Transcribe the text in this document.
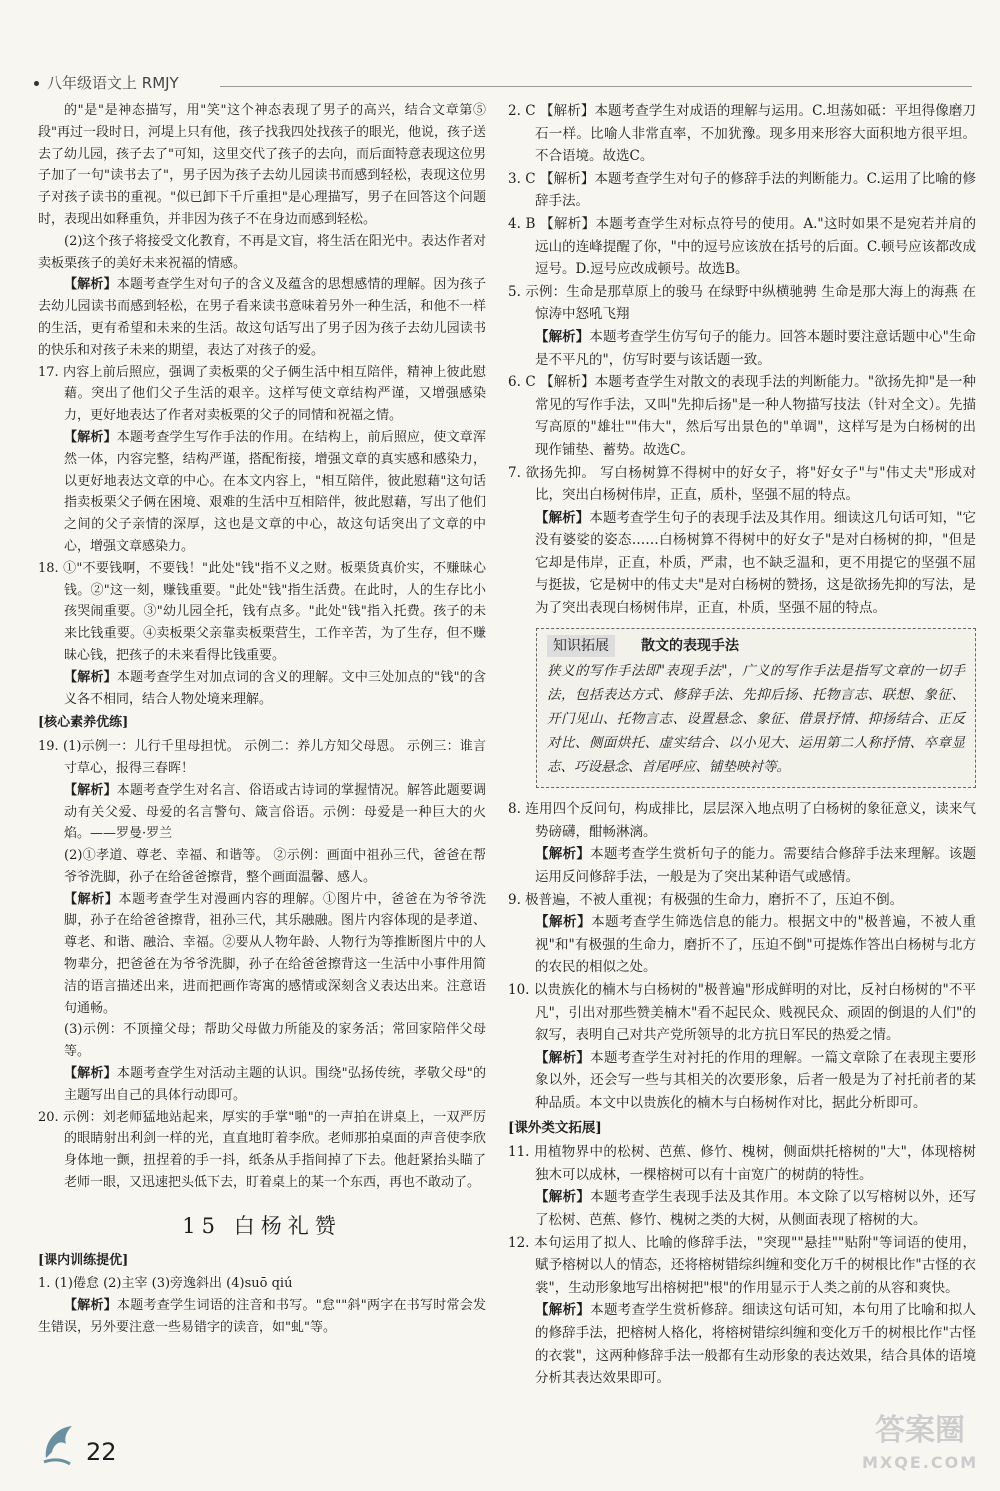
八年级语文上 RMJY
的"是"是神态描写，用"笑"这个神态表现了男子的高兴，结合文章第⑤段"再过一段时日，河堤上只有他，孩子找我四处找孩子的眼光，他说，孩子送去了幼儿园，孩子去了"可知，这里交代了孩子的去向，而后面特意表现这位男子加了一句"读书去了"，男子因为孩子去幼儿园读书而感到轻松，表现这位男子对孩子读书的重视。"似已卸下千斤重担"是心理描写，男子在回答这个问题时，表现出如释重负，并非因为孩子不在身边而感到轻松。
(2)这个孩子将接受文化教育，不再是文盲，将生活在阳光中。表达作者对卖板栗孩子的美好未来祝福的情感。
【解析】本题考查学生对句子的含义及蕴含的思想感情的理解。因为孩子去幼儿园读书而感到轻松，在男子看来读书意味着另外一种生活，和他不一样的生活，更有希望和未来的生活。故这句话写出了男子因为孩子去幼儿园读书的快乐和对孩子未来的期望，表达了对孩子的爱。
17. 内容上前后照应，强调了卖板栗的父子俩生活中相互陪伴，精神上彼此慰藉。突出了他们父子生活的艰辛。这样写使文章结构严谨，又增强感染力，更好地表达了作者对卖板栗的父子的同情和祝福之情。
【解析】本题考查学生写作手法的作用。在结构上，前后照应，使文章浑然一体，内容完整，结构严谨，搭配衔接，增强文章的真实感和感染力，以更好地表达文章的中心。在本文内容上，"相互陪伴，彼此慰藉"这句话指卖板栗父子俩在困境、艰难的生活中互相陪伴，彼此慰藉，写出了他们之间的父子亲情的深厚，这也是文章的中心，故这句话突出了文章的中心，增强文章感染力。
18. ①"不要钱啊，不要钱！"此处"钱"指不义之财。板栗货真价实，不赚昧心钱。②"这一刻，赚钱重要。"此处"钱"指生活费。在此时，人的生存比小孩哭闹重要。③"幼儿园全托，钱有点多。"此处"钱"指入托费。孩子的未来比钱重要。④卖板栗父亲靠卖板栗营生，工作辛苦，为了生存，但不赚昧心钱，把孩子的未来看得比钱重要。
【解析】本题考查学生对加点词的含义的理解。文中三处加点的"钱"的含义各不相同，结合人物处境来理解。
[核心素养优练]
19. (1)示例一：儿行千里母担忧。 示例二：养儿方知父母恩。 示例三：谁言寸草心，报得三春晖！
【解析】本题考查学生对名言、俗语或古诗词的掌握情况。解答此题要调动有关父爱、母爱的名言警句、箴言俗语。示例：母爱是一种巨大的火焰。——罗曼·罗兰
(2)①孝道、尊老、幸福、和谐等。 ②示例：画面中祖孙三代，爸爸在帮爷爷洗脚，孙子在给爸爸擦背，整个画面温馨、感人。
【解析】本题考查学生对漫画内容的理解。①图片中，爸爸在为爷爷洗脚，孙子在给爸爸擦背，祖孙三代，其乐融融。图片内容体现的是孝道、尊老、和谐、融洽、幸福。②要从人物年龄、人物行为等推断图片中的人物辈分，把爸爸在为爷爷洗脚，孙子在给爸爸擦背这一生活中小事件用简洁的语言描述出来，进而把画作寄寓的感情或深刻含义表达出来。注意语句通畅。
(3)示例：不顶撞父母；帮助父母做力所能及的家务活；常回家陪伴父母等。
【解析】本题考查学生对活动主题的认识。围绕"弘扬传统，孝敬父母"的主题写出自己的具体行动即可。
20. 示例：刘老师猛地站起来，厚实的手掌"啪"的一声拍在讲桌上，一双严厉的眼睛射出利剑一样的光，直直地盯着李欣。老师那拍桌面的声音使李欣身体地一颤，扭捏着的手一抖，纸条从手指间掉了下去。他赶紧抬头瞄了老师一眼，又迅速把头低下去，盯着桌上的某一个东西，再也不敢动了。
15 白杨礼赞
[课内训练提优]
1. (1)倦怠 (2)主宰 (3)旁逸斜出 (4)suō qiú
【解析】本题考查学生词语的注音和书写。"怠""斜"两字在书写时常会发生错误，另外要注意一些易错字的读音，如"虬"等。
2. C 【解析】本题考查学生对成语的理解与运用。C.坦荡如砥：平坦得像磨刀石一样。比喻人非常直率，不加犹豫。现多用来形容大面积地方很平坦。不合语境。故选C。
3. C 【解析】本题考查学生对句子的修辞手法的判断能力。C.运用了比喻的修辞手法。
4. B 【解析】本题考查学生对标点符号的使用。A."这时如果不是宛若并肩的远山的连峰提醒了你，"中的逗号应该放在括号的后面。C.顿号应该都改成逗号。D.逗号应改成顿号。故选B。
5. 示例：生命是那草原上的骏马 在绿野中纵横驰骋 生命是那大海上的海燕 在惊涛中怒吼飞翔
【解析】本题考查学生仿写句子的能力。回答本题时要注意话题中心"生命是不平凡的"，仿写时要与该话题一致。
6. C 【解析】本题考查学生对散文的表现手法的判断能力。"欲扬先抑"是一种常见的写作手法，又叫"先抑后扬"是一种人物描写技法（针对全文）。先描写高原的"雄壮""伟大"，然后写出景色的"单调"，这样写是为白杨树的出现作铺垫、蓄势。故选C。
7. 欲扬先抑。 写白杨树算不得树中的好女子，将"好女子"与"伟丈夫"形成对比，突出白杨树伟岸，正直，质朴，坚强不屈的特点。
【解析】本题考查学生句子的表现手法及其作用。细读这几句话可知，"它没有婆娑的姿态……白杨树算不得树中的好女子"是对白杨树的抑，"但是它却是伟岸，正直，朴质，严肃，也不缺乏温和，更不用提它的坚强不屈与挺拔，它是树中的伟丈夫"是对白杨树的赞扬，这是欲扬先抑的写法，是为了突出表现白杨树伟岸，正直，朴质，坚强不屈的特点。
知识拓展 散文的表现手法
狭义的写作手法即"表现手法"，广义的写作手法是指写文章的一切手法，包括表达方式、修辞手法、先抑后扬、托物言志、联想、象征、开门见山、托物言志、设置悬念、象征、借景抒情、抑扬结合、正反对比、侧面烘托、虚实结合、以小见大、运用第二人称抒情、卒章显志、巧设悬念、首尾呼应、铺垫映衬等。
8. 连用四个反问句，构成排比，层层深入地点明了白杨树的象征意义，读来气势磅礴，酣畅淋漓。
【解析】本题考查学生赏析句子的能力。需要结合修辞手法来理解。该题运用反问修辞手法，一般是为了突出某种语气或感情。
9. 极普遍，不被人重视；有极强的生命力，磨折不了，压迫不倒。
【解析】本题考查学生筛选信息的能力。根据文中的"极普遍，不被人重视"和"有极强的生命力，磨折不了，压迫不倒"可提炼作答出白杨树与北方的农民的相似之处。
10. 以贵族化的楠木与白杨树的"极普遍"形成鲜明的对比，反衬白杨树的"不平凡"，引出对那些赞美楠木"看不起民众、贱视民众、顽固的倒退的人们"的叙写，表明自己对共产党所领导的北方抗日军民的热爱之情。
【解析】本题考查学生对衬托的作用的理解。一篇文章除了在表现主要形象以外，还会写一些与其相关的次要形象，后者一般是为了衬托前者的某种品质。本文中以贵族化的楠木与白杨树作对比，据此分析即可。
[课外类文拓展]
11. 用植物界中的松树、芭蕉、修竹、槐树，侧面烘托榕树的"大"，体现榕树独木可以成林，一棵榕树可以有十亩宽广的树荫的特性。
【解析】本题考查学生表现手法及其作用。本文除了以写榕树以外，还写了松树、芭蕉、修竹、槐树之类的大树，从侧面表现了榕树的大。
12. 本句运用了拟人、比喻的修辞手法，"突现""悬挂""贴附"等词语的使用，赋予榕树以人的情态，还将榕树错综纠缠和变化万千的树根比作"古怪的衣裳"，生动形象地写出榕树把"根"的作用显示于人类之前的从容和爽快。
【解析】本题考查学生赏析修辞。细读这句话可知，本句用了比喻和拟人的修辞手法，把榕树人格化，将榕树错综纠缠和变化万千的树根比作"古怪的衣裳"，这两种修辞手法一般都有生动形象的表达效果，结合具体的语境分析其表达效果即可。
22
答案圈
MXQE.COM
